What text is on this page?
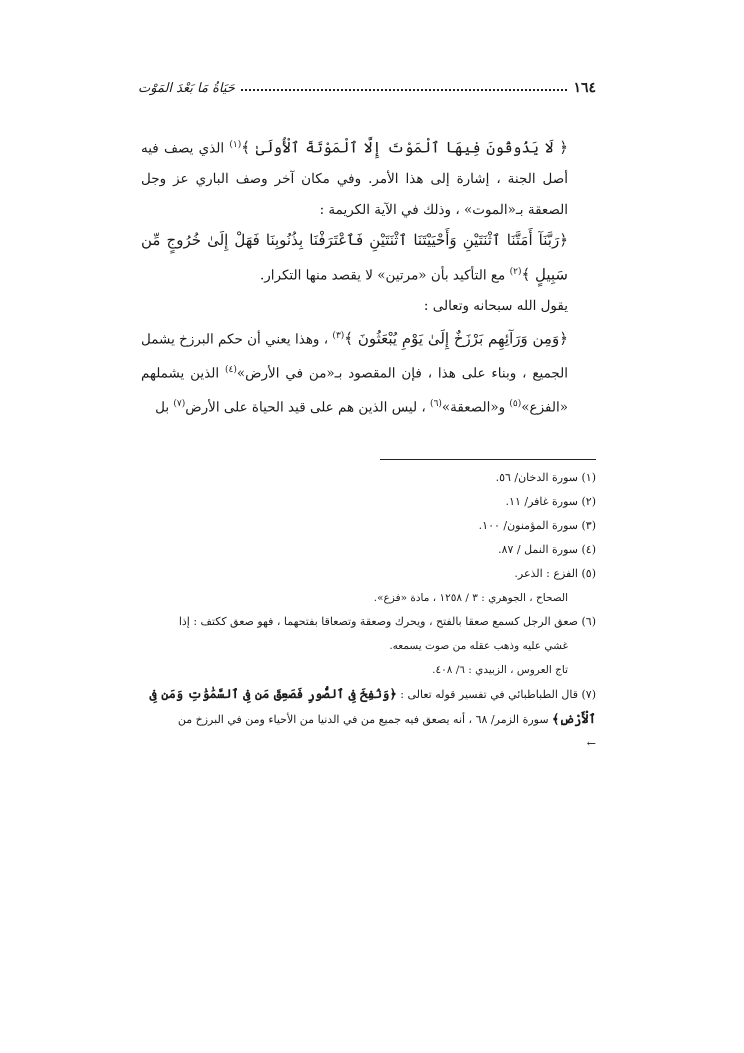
١٦٤
حَيَاةُ مَا بَعْدَ المَوْت

﴿ لَا يَذُوقُونَ فِيهَا ٱلْمَوْتَ إِلَّا ٱلْمَوْتَةَ ٱلْأُولَىٰ ﴾$^{(١)}$ الذي يصف فيه أصل الجنة ، إشارة إلى هذا الأمر. وفي مكان آخر وصف الباري عز وجل الصعقة بـ«الموت» ، وذلك في الآية الكريمة :

﴿رَبَّنَآ أَمَتَّنَا ٱثْنَتَيْنِ وَأَحْيَيْتَنَا ٱثْنَتَيْنِ فَٱعْتَرَفْنَا بِذُنُوبِنَا فَهَلْ إِلَىٰ خُرُوجٍ مِّن سَبِيلٍ ﴾$^{(٢)}$ مع التأكيد بأن «مرتين» لا يقصد منها التكرار.

يقول الله سبحانه وتعالى :

﴿وَمِن وَرَآئِهِم بَرْزَخٌ إِلَىٰ يَوْمِ يُبْعَثُونَ ﴾$^{(٣)}$ ، وهذا يعني أن حكم البرزخ يشمل الجميع ، وبناء على هذا ، فإن المقصود بـ«من في الأرض»$^{(٤)}$ الذين يشملهم «الفزع»$^{(٥)}$ و«الصعقة»$^{(٦)}$ ، ليس الذين هم على قيد الحياة على الأرض$^{(٧)}$ بل

(١) سورة الدخان/ ٥٦.

(٢) سورة غافر/ ١١.

(٣) سورة المؤمنون/ ١٠٠.

(٤) سورة النمل / ٨٧.

(٥) الفزع : الذعر.

الصحاح ، الجوهري : ٣ / ١٢٥٨ ، مادة «فزع».

(٦) صعق الرجل كسمع صعقا بالفتح ، ويحرك وصعقة وتصعاقا بفتحهما ، فهو صعق ككتف : إذا

غشي عليه وذهب عقله من صوت يسمعه.

تاج العروس ، الزبيدي : ٦/ ٤٠٨.

(٧) قال الطباطبائي في تفسير قوله تعالى : ﴿وَنُفِخَ فِى ٱلصُّورِ فَصَعِقَ مَن فِى ٱلسَّمَٰوَٰتِ وَمَن فِى ٱلْأَرْضِ﴾ سورة الزمر/ ٦٨ ، أنه يصعق فيه جميع من في الدنيا من الأحياء ومن في البرزخ من

←
